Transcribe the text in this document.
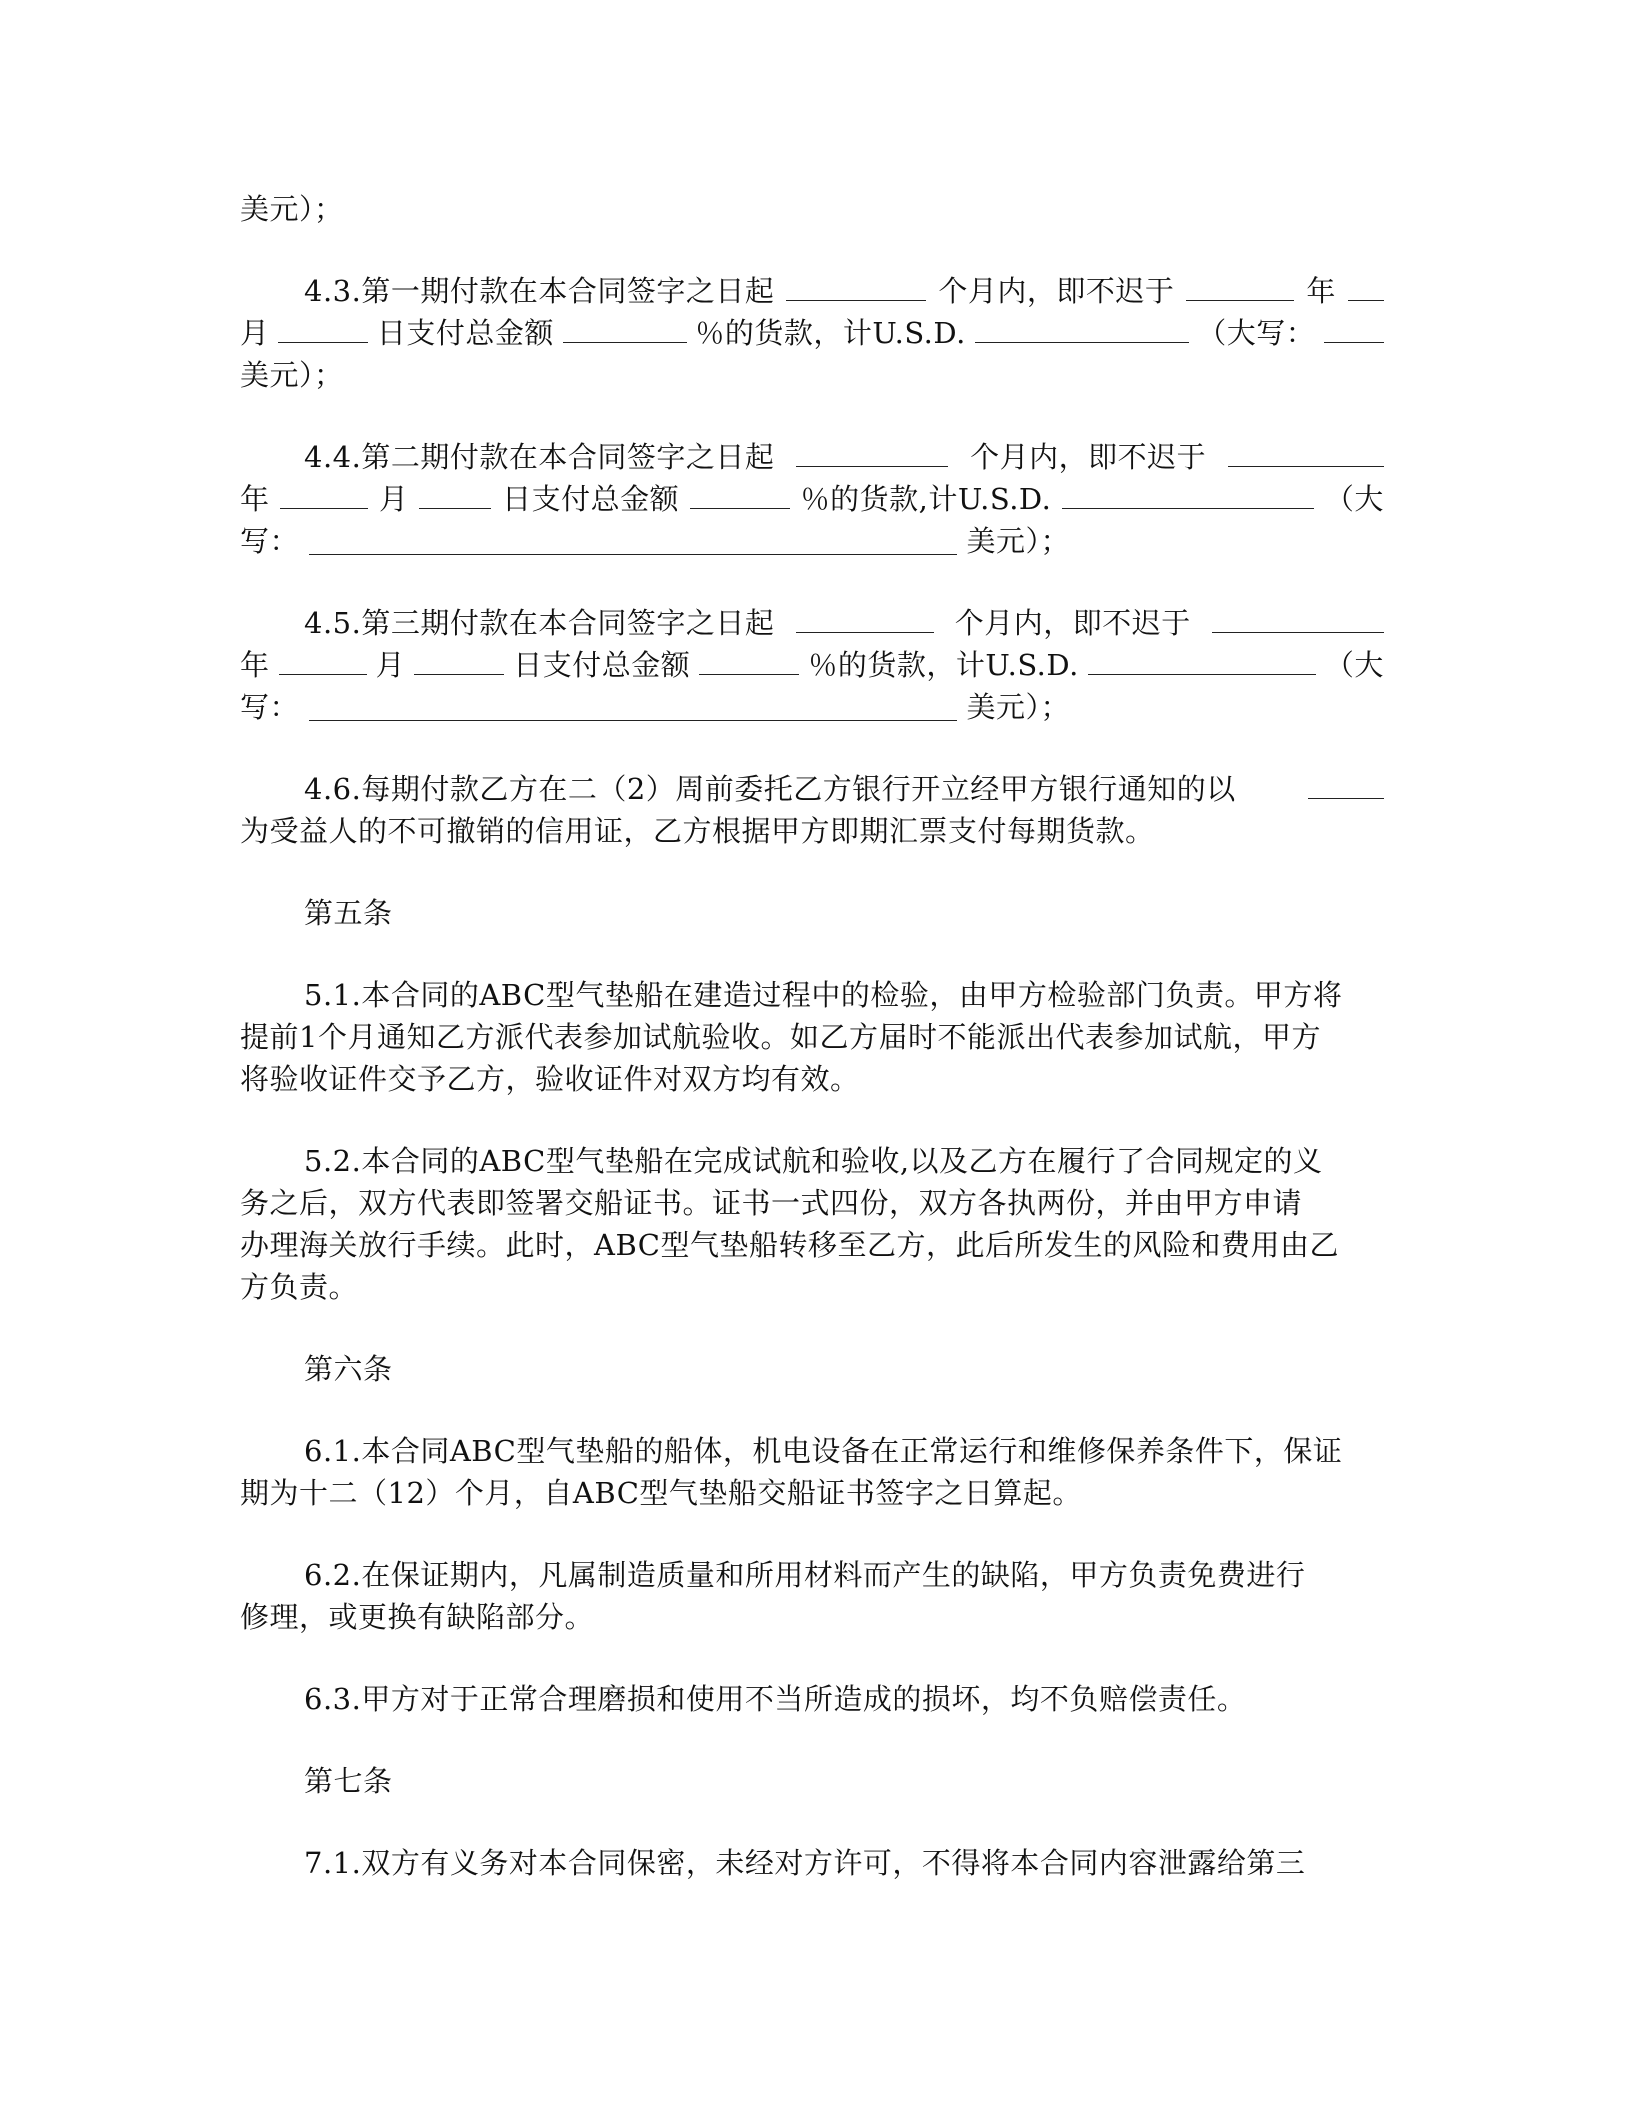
美元）；
4.3.第一期付款在本合同签字之日起	个月内，即不迟于	年
月	日支付总金额	％的货款，计U.S.D.	（大写：
美元）；
4.4.第二期付款在本合同签字之日起	个月内，即不迟于
年	月	日支付总金额	％的货款,计U.S.D.	（大
写：	美元）；
4.5.第三期付款在本合同签字之日起	个月内，即不迟于
年	月	日支付总金额	％的货款，计U.S.D.	（大
写：	美元）；
4.6.每期付款乙方在二（2）周前委托乙方银行开立经甲方银行通知的以
为受益人的不可撤销的信用证，乙方根据甲方即期汇票支付每期货款。
第五条
5.1.本合同的ABC型气垫船在建造过程中的检验，由甲方检验部门负责。甲方将
提前1个月通知乙方派代表参加试航验收。如乙方届时不能派出代表参加试航，甲方
将验收证件交予乙方，验收证件对双方均有效。
5.2.本合同的ABC型气垫船在完成试航和验收,以及乙方在履行了合同规定的义
务之后，双方代表即签署交船证书。证书一式四份，双方各执两份，并由甲方申请
办理海关放行手续。此时，ABC型气垫船转移至乙方，此后所发生的风险和费用由乙
方负责。
第六条
6.1.本合同ABC型气垫船的船体，机电设备在正常运行和维修保养条件下，保证
期为十二（12）个月，自ABC型气垫船交船证书签字之日算起。
6.2.在保证期内，凡属制造质量和所用材料而产生的缺陷，甲方负责免费进行
修理，或更换有缺陷部分。
6.3.甲方对于正常合理磨损和使用不当所造成的损坏，均不负赔偿责任。
第七条
7.1.双方有义务对本合同保密，未经对方许可，不得将本合同内容泄露给第三
